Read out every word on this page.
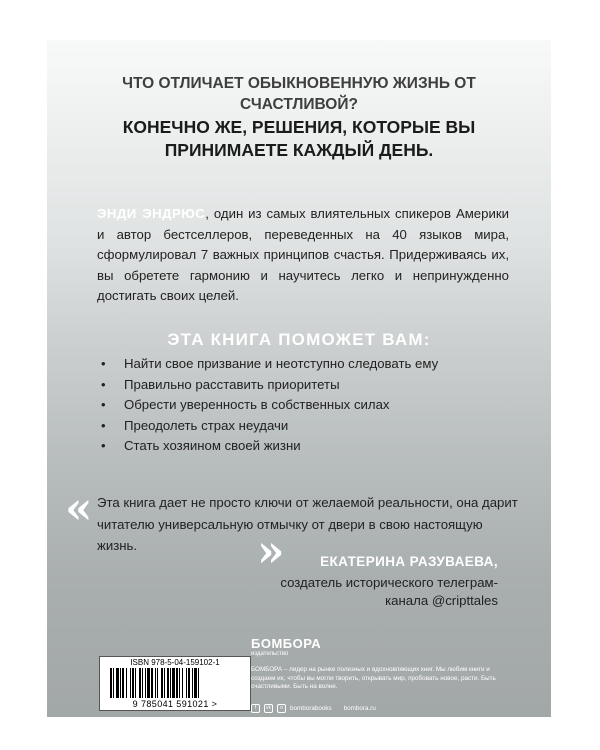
ЧТО ОТЛИЧАЕТ ОБЫКНОВЕННУЮ ЖИЗНЬ ОТ СЧАСТЛИВОЙ?

КОНЕЧНО ЖЕ, РЕШЕНИЯ, КОТОРЫЕ ВЫ ПРИНИМАЕТЕ КАЖДЫЙ ДЕНЬ.

ЭНДИ ЭНДРЮС, один из самых влиятельных спикеров Америки и автор бестселлеров, переведенных на 40 языков мира, сформулировал 7 важных принципов счастья. Придерживаясь их, вы обретете гармонию и научитесь легко и непринужденно достигать своих целей.

ЭТА КНИГА ПОМОЖЕТ ВАМ:

• Найти свое призвание и неотступно следовать ему
• Правильно расставить приоритеты
• Обрести уверенность в собственных силах
• Преодолеть страх неудачи
• Стать хозяином своей жизни
« Эта книга дает не просто ключи от желаемой реальности, она дарит читателю универсальную отмычку от двери в свою настоящую жизнь.	»	ЕКАТЕРИНА РАЗУВАЕВА,

создатель исторического телеграм-канала @cripttales

ISBN 978-5-04-159102-1
9 785041 591021 >

БОМБОРА

издательство

БОМБОРА – лидер на рынке полезных и вдохновляющих книг. Мы любим книги и создаем их, чтобы вы могли творить, открывать мир, пробовать новое, расти. Быть счастливыми. Быть на волне.

f	vk	o	bomborabooks bombora.ru
